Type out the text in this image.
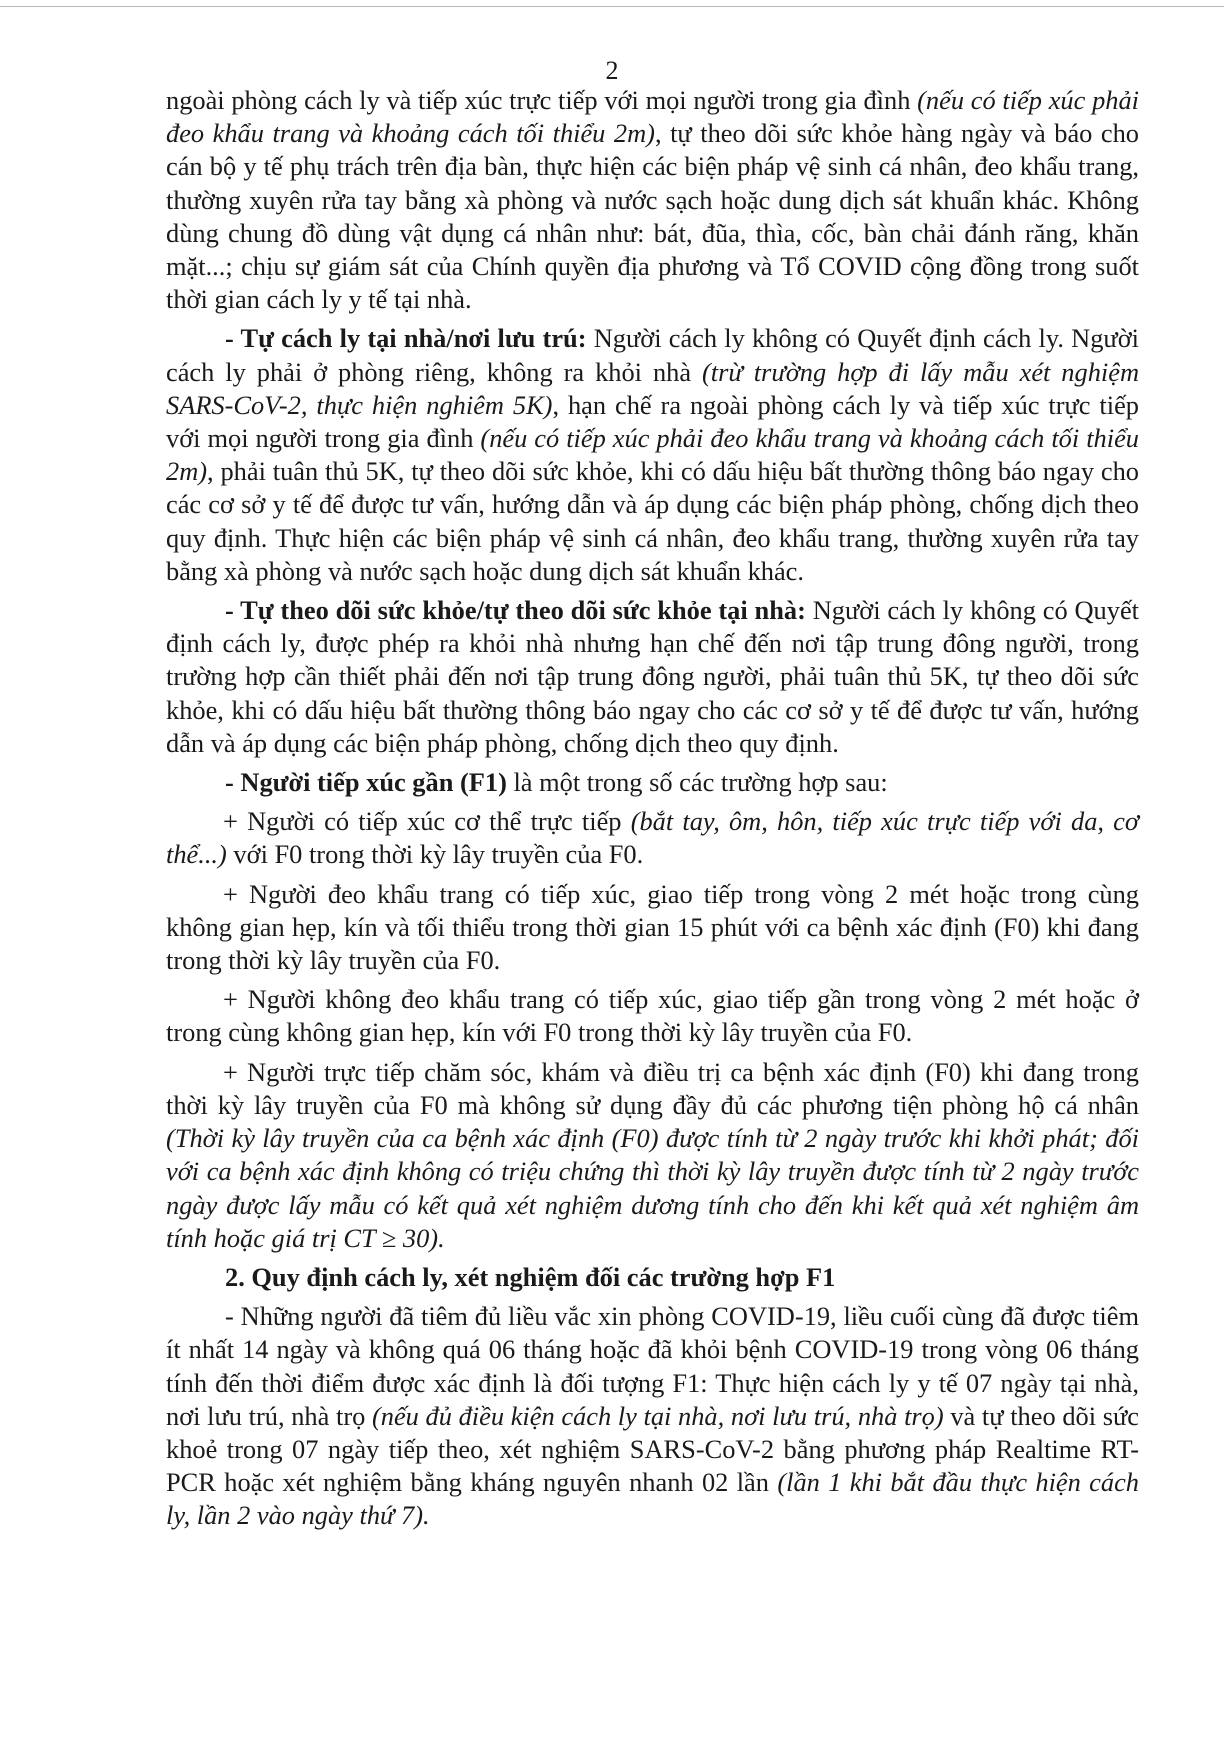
2

ngoài phòng cách ly và tiếp xúc trực tiếp với mọi người trong gia đình (nếu có tiếp xúc phải đeo khẩu trang và khoảng cách tối thiểu 2m), tự theo dõi sức khỏe hàng ngày và báo cho cán bộ y tế phụ trách trên địa bàn, thực hiện các biện pháp vệ sinh cá nhân, đeo khẩu trang, thường xuyên rửa tay bằng xà phòng và nước sạch hoặc dung dịch sát khuẩn khác. Không dùng chung đồ dùng vật dụng cá nhân như: bát, đũa, thìa, cốc, bàn chải đánh răng, khăn mặt...; chịu sự giám sát của Chính quyền địa phương và Tổ COVID cộng đồng trong suốt thời gian cách ly y tế tại nhà.

- Tự cách ly tại nhà/nơi lưu trú: Người cách ly không có Quyết định cách ly. Người cách ly phải ở phòng riêng, không ra khỏi nhà (trừ trường hợp đi lấy mẫu xét nghiệm SARS-CoV-2, thực hiện nghiêm 5K), hạn chế ra ngoài phòng cách ly và tiếp xúc trực tiếp với mọi người trong gia đình (nếu có tiếp xúc phải đeo khẩu trang và khoảng cách tối thiểu 2m), phải tuân thủ 5K, tự theo dõi sức khỏe, khi có dấu hiệu bất thường thông báo ngay cho các cơ sở y tế để được tư vấn, hướng dẫn và áp dụng các biện pháp phòng, chống dịch theo quy định. Thực hiện các biện pháp vệ sinh cá nhân, đeo khẩu trang, thường xuyên rửa tay bằng xà phòng và nước sạch hoặc dung dịch sát khuẩn khác.

- Tự theo dõi sức khỏe/tự theo dõi sức khỏe tại nhà: Người cách ly không có Quyết định cách ly, được phép ra khỏi nhà nhưng hạn chế đến nơi tập trung đông người, trong trường hợp cần thiết phải đến nơi tập trung đông người, phải tuân thủ 5K, tự theo dõi sức khỏe, khi có dấu hiệu bất thường thông báo ngay cho các cơ sở y tế để được tư vấn, hướng dẫn và áp dụng các biện pháp phòng, chống dịch theo quy định.

- Người tiếp xúc gần (F1) là một trong số các trường hợp sau:

+ Người có tiếp xúc cơ thể trực tiếp (bắt tay, ôm, hôn, tiếp xúc trực tiếp với da, cơ thể...) với F0 trong thời kỳ lây truyền của F0.

+ Người đeo khẩu trang có tiếp xúc, giao tiếp trong vòng 2 mét hoặc trong cùng không gian hẹp, kín và tối thiểu trong thời gian 15 phút với ca bệnh xác định (F0) khi đang trong thời kỳ lây truyền của F0.

+ Người không đeo khẩu trang có tiếp xúc, giao tiếp gần trong vòng 2 mét hoặc ở trong cùng không gian hẹp, kín với F0 trong thời kỳ lây truyền của F0.

+ Người trực tiếp chăm sóc, khám và điều trị ca bệnh xác định (F0) khi đang trong thời kỳ lây truyền của F0 mà không sử dụng đầy đủ các phương tiện phòng hộ cá nhân (Thời kỳ lây truyền của ca bệnh xác định (F0) được tính từ 2 ngày trước khi khởi phát; đối với ca bệnh xác định không có triệu chứng thì thời kỳ lây truyền được tính từ 2 ngày trước ngày được lấy mẫu có kết quả xét nghiệm dương tính cho đến khi kết quả xét nghiệm âm tính hoặc giá trị CT ≥ 30).

2. Quy định cách ly, xét nghiệm đối các trường hợp F1

- Những người đã tiêm đủ liều vắc xin phòng COVID-19, liều cuối cùng đã được tiêm ít nhất 14 ngày và không quá 06 tháng hoặc đã khỏi bệnh COVID-19 trong vòng 06 tháng tính đến thời điểm được xác định là đối tượng F1: Thực hiện cách ly y tế 07 ngày tại nhà, nơi lưu trú, nhà trọ (nếu đủ điều kiện cách ly tại nhà, nơi lưu trú, nhà trọ) và tự theo dõi sức khoẻ trong 07 ngày tiếp theo, xét nghiệm SARS-CoV-2 bằng phương pháp Realtime RT-PCR hoặc xét nghiệm bằng kháng nguyên nhanh 02 lần (lần 1 khi bắt đầu thực hiện cách ly, lần 2 vào ngày thứ 7).
